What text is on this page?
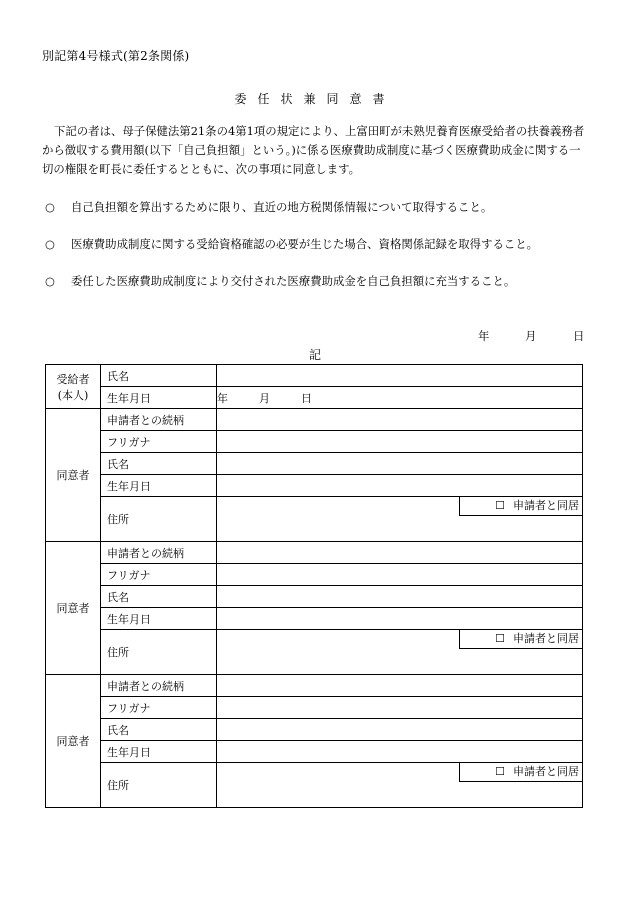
別記第4号様式(第2条関係)
委任状兼同意書
下記の者は、母子保健法第21条の4第1項の規定により、上富田町が未熟児養育医療受給者の扶養義務者から徴収する費用額(以下「自己負担額」という。)に係る医療費助成制度に基づく医療費助成金に関する一切の権限を町長に委任するとともに、次の事項に同意します。
○ 自己負担額を算出するために限り、直近の地方税関係情報について取得すること。
○ 医療費助成制度に関する受給資格確認の必要が生じた場合、資格関係記録を取得すること。
○ 委任した医療費助成制度により交付された医療費助成金を自己負担額に充当すること。
年	月	日
記
受給者
(本人)	氏名	
	生年月日	年 月 日
同意者	申請者との続柄	
	フリガナ	
	氏名	
	生年月日	
	住所	☐ 申請者と同居

同意者	申請者との続柄	
	フリガナ	
	氏名	
	生年月日	
	住所	☐ 申請者と同居

同意者	申請者との続柄	
	フリガナ	
	氏名	
	生年月日	
	住所	☐ 申請者と同居
